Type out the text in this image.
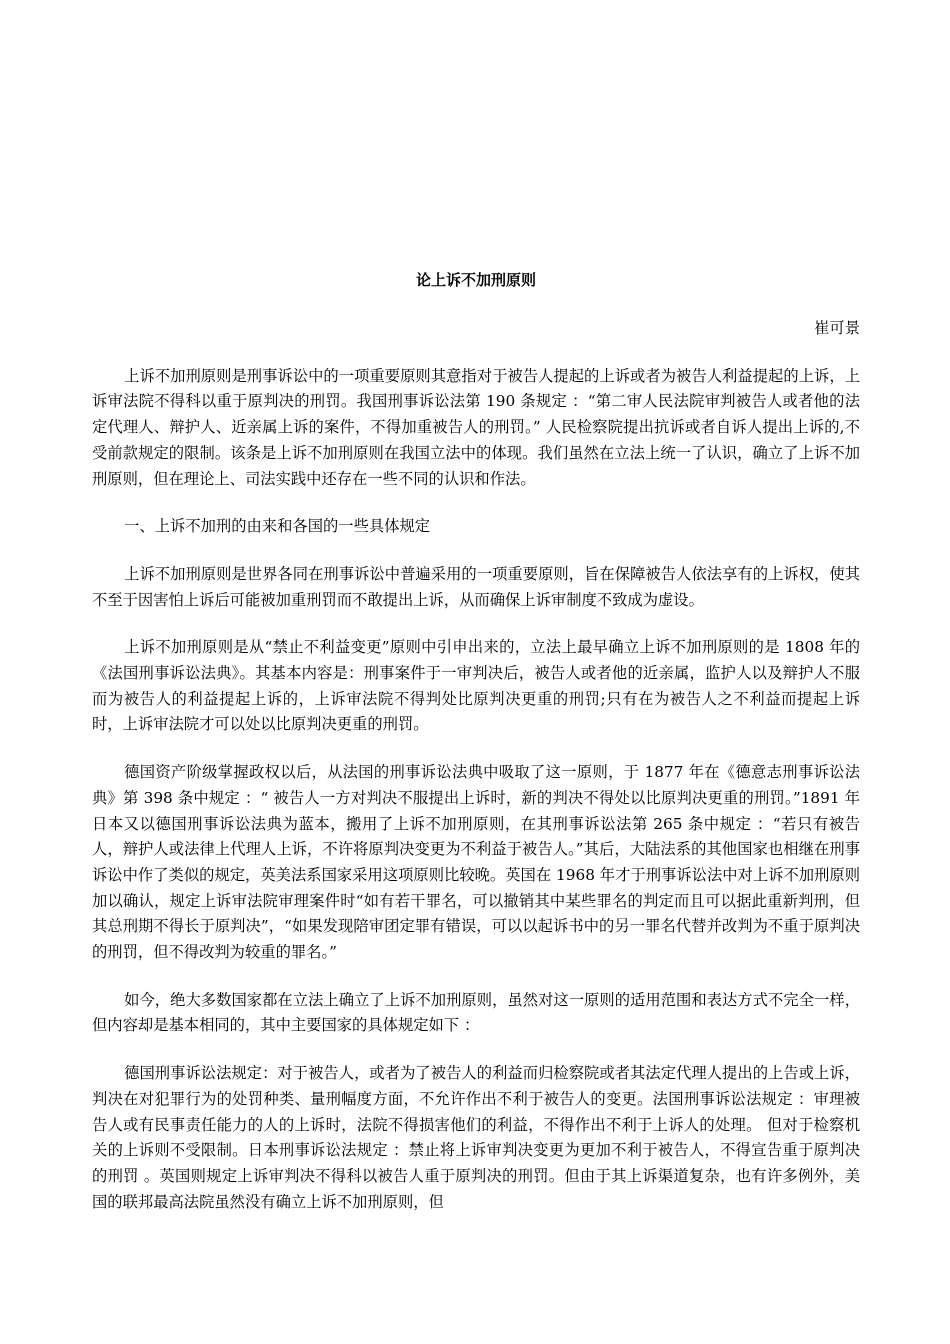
论上诉不加刑原则
崔可景

上诉不加刑原则是刑事诉讼中的一项重要原则其意指对于被告人提起的上诉或者为被告人利益提起的上诉，上诉审法院不得科以重于原判决的刑罚。我国刑事诉讼法第 190 条规定 ：“第二审人民法院审判被告人或者他的法定代理人、辩护人、近亲属上诉的案件，不得加重被告人的刑罚。” 人民检察院提出抗诉或者自诉人提出上诉的,不受前款规定的限制。该条是上诉不加刑原则在我国立法中的体现。我们虽然在立法上统一了认识，确立了上诉不加刑原则，但在理论上、司法实践中还存在一些不同的认识和作法。

一、上诉不加刑的由来和各国的一些具体规定

上诉不加刑原则是世界各同在刑事诉讼中普遍采用的一项重要原则，旨在保障被告人依法享有的上诉权，使其不至于因害怕上诉后可能被加重刑罚而不敢提出上诉，从而确保上诉审制度不致成为虚设。

上诉不加刑原则是从“禁止不利益变更”原则中引申出来的，立法上最早确立上诉不加刑原则的是 1808 年的《法国刑事诉讼法典》。其基本内容是：刑事案件于一审判决后，被告人或者他的近亲属，监护人以及辩护人不服而为被告人的利益提起上诉的，上诉审法院不得判处比原判决更重的刑罚;只有在为被告人之不利益而提起上诉时，上诉审法院才可以处以比原判决更重的刑罚。

德国资产阶级掌握政权以后，从法国的刑事诉讼法典中吸取了这一原则，于 1877 年在《德意志刑事诉讼法典》第 398 条中规定 ：“ 被告人一方对判决不服提出上诉时，新的判决不得处以比原判决更重的刑罚。”1891 年日本又以德国刑事诉讼法典为蓝本，搬用了上诉不加刑原则，在其刑事诉讼法第 265 条中规定 ：“若只有被告人，辩护人或法律上代理人上诉，不许将原判决变更为不利益于被告人。”其后，大陆法系的其他国家也相继在刑事诉讼中作了类似的规定，英美法系国家采用这项原则比较晚。英国在 1968 年才于刑事诉讼法中对上诉不加刑原则加以确认，规定上诉审法院审理案件时“如有若干罪名，可以撤销其中某些罪名的判定而且可以据此重新判刑，但其总刑期不得长于原判决”，“如果发现陪审团定罪有错误，可以以起诉书中的另一罪名代替并改判为不重于原判决的刑罚，但不得改判为较重的罪名。”

如今，绝大多数国家都在立法上确立了上诉不加刑原则，虽然对这一原则的适用范围和表达方式不完全一样，但内容却是基本相同的，其中主要国家的具体规定如下 ：

德国刑事诉讼法规定：对于被告人，或者为了被告人的利益而归检察院或者其法定代理人提出的上告或上诉，判决在对犯罪行为的处罚种类、量刑幅度方面，不允许作出不利于被告人的变更。法国刑事诉讼法规定 ：审理被告人或有民事责任能力的人的上诉时，法院不得损害他们的利益，不得作出不利于上诉人的处理。 但对于检察机关的上诉则不受限制。日本刑事诉讼法规定 ：禁止将上诉审判决变更为更加不利于被告人，不得宣告重于原判决的刑罚 。英国则规定上诉审判决不得科以被告人重于原判决的刑罚。但由于其上诉渠道复杂，也有许多例外，美国的联邦最高法院虽然没有确立上诉不加刑原则，但
